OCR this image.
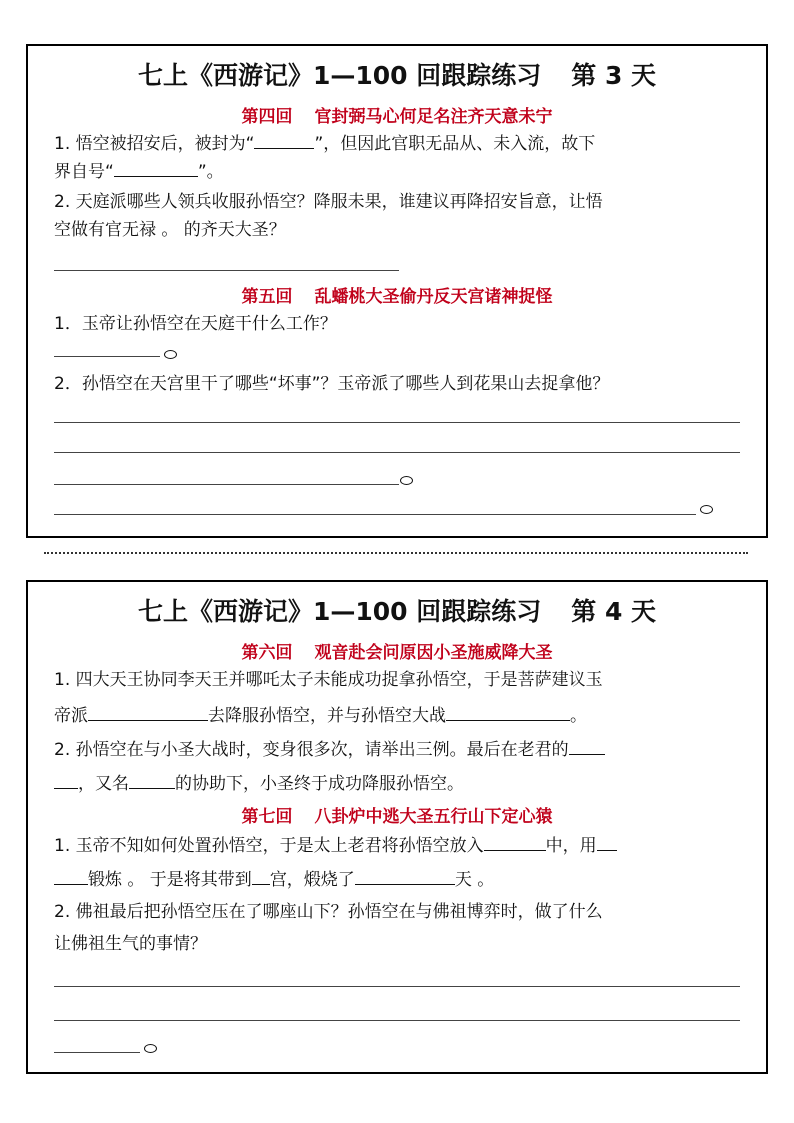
七上《西游记》1—100 回跟踪练习 第 3 天
第四回 官封弼马心何足名注齐天意未宁
1. 悟空被招安后，被封为“	”，但因此官职无品从、未入流，故下
界自号“	”。
2. 天庭派哪些人领兵收服孙悟空？降服未果，谁建议再降招安旨意，让悟
空做有官无禄 。 的齐天大圣？
第五回 乱蟠桃大圣偷丹反天宫诸神捉怪
1．玉帝让孙悟空在天庭干什么工作？
2．孙悟空在天宫里干了哪些“坏事”？玉帝派了哪些人到花果山去捉拿他？
七上《西游记》1—100 回跟踪练习 第 4 天
第六回 观音赴会问原因小圣施威降大圣
1. 四大天王协同李天王并哪吒太子未能成功捉拿孙悟空，于是菩萨建议玉
帝派	去降服孙悟空，并与孙悟空大战	。
2. 孙悟空在与小圣大战时，变身很多次，请举出三例。最后在老君的
，又名	的协助下，小圣终于成功降服孙悟空。
第七回 八卦炉中逃大圣五行山下定心猿
1. 玉帝不知如何处置孙悟空，于是太上老君将孙悟空放入	中，用
锻炼 。 于是将其带到 宫，煅烧了	天 。
2. 佛祖最后把孙悟空压在了哪座山下？孙悟空在与佛祖博弈时，做了什么
让佛祖生气的事情？
